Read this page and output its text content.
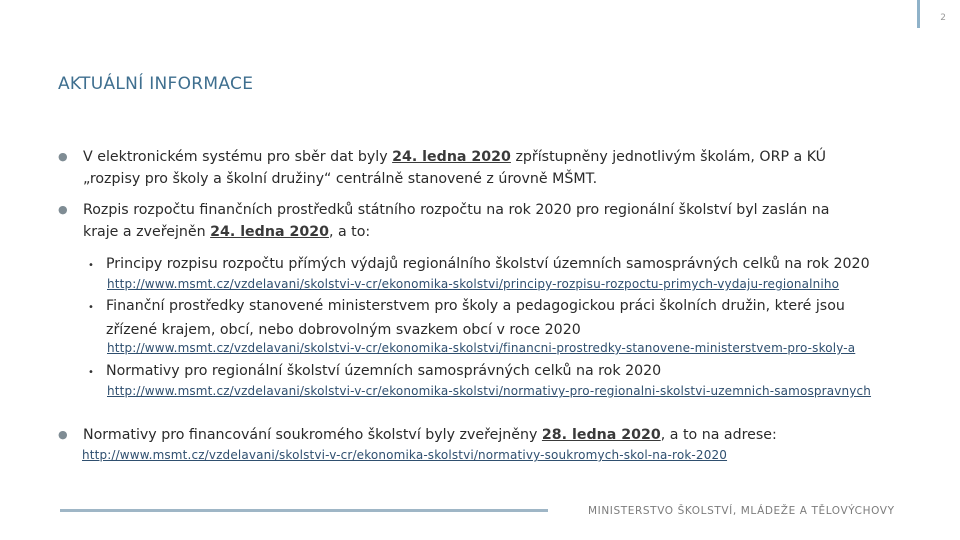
2
AKTUÁLNÍ INFORMACE
●	V elektronickém systému pro sběr dat byly 24. ledna 2020 zpřístupněny jednotlivým školám, ORP a KÚ
„rozpisy pro školy a školní družiny“ centrálně stanovené z úrovně MŠMT.
●	Rozpis rozpočtu finančních prostředků státního rozpočtu na rok 2020 pro regionální školství byl zaslán na
kraje a zveřejněn 24. ledna 2020, a to:
• Principy rozpisu rozpočtu přímých výdajů regionálního školství územních samosprávných celků na rok 2020
http://www.msmt.cz/vzdelavani/skolstvi-v-cr/ekonomika-skolstvi/principy-rozpisu-rozpoctu-primych-vydaju-regionalniho
• Finanční prostředky stanovené ministerstvem pro školy a pedagogickou práci školních družin, které jsou
zřízené krajem, obcí, nebo dobrovolným svazkem obcí v roce 2020
http://www.msmt.cz/vzdelavani/skolstvi-v-cr/ekonomika-skolstvi/financni-prostredky-stanovene-ministerstvem-pro-skoly-a
• Normativy pro regionální školství územních samosprávných celků na rok 2020
http://www.msmt.cz/vzdelavani/skolstvi-v-cr/ekonomika-skolstvi/normativy-pro-regionalni-skolstvi-uzemnich-samospravnych
●	Normativy pro financování soukromého školství byly zveřejněny 28. ledna 2020, a to na adrese:
http://www.msmt.cz/vzdelavani/skolstvi-v-cr/ekonomika-skolstvi/normativy-soukromych-skol-na-rok-2020
MINISTERSTVO ŠKOLSTVÍ, MLÁDEŽE A TĚLOVÝCHOVY
